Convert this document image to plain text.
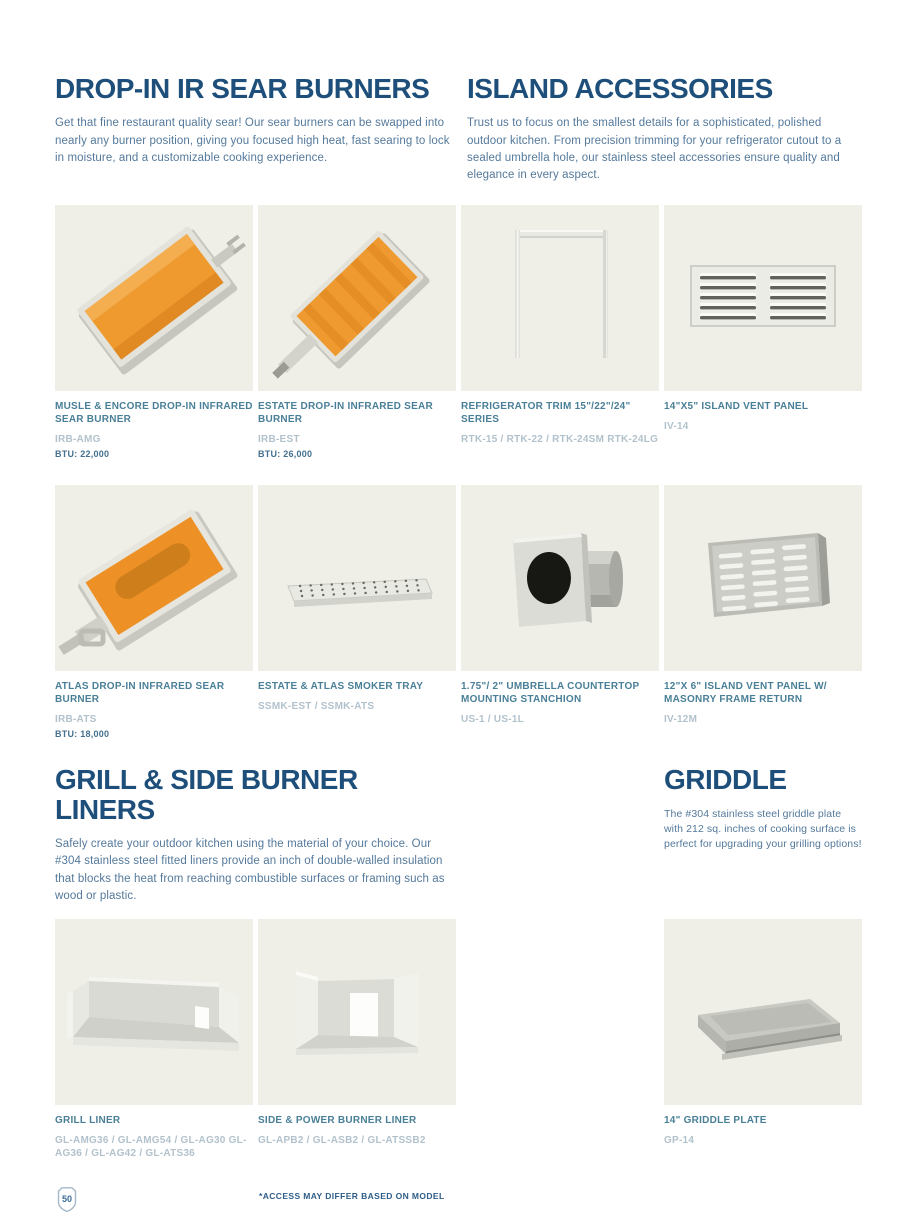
DROP-IN IR SEAR BURNERS
Get that fine restaurant quality sear! Our sear burners can be swapped into nearly any burner position, giving you focused high heat, fast searing to lock in moisture, and a customizable cooking experience.
ISLAND ACCESSORIES
Trust us to focus on the smallest details for a sophisticated, polished outdoor kitchen. From precision trimming for your refrigerator cutout to a sealed umbrella hole, our stainless steel accessories ensure quality and elegance in every aspect.
MUSLE & ENCORE DROP-IN INFRARED SEAR BURNER
IRB-AMG
BTU: 22,000
ESTATE DROP-IN INFRARED SEAR BURNER
IRB-EST
BTU: 26,000
REFRIGERATOR TRIM 15"/22"/24" SERIES
RTK-15 / RTK-22 / RTK-24SM RTK-24LG
14"X5" ISLAND VENT PANEL
IV-14
ATLAS DROP-IN INFRARED SEAR BURNER
IRB-ATS
BTU: 18,000
ESTATE & ATLAS SMOKER TRAY
SSMK-EST / SSMK-ATS
1.75"/ 2" UMBRELLA COUNTERTOP MOUNTING STANCHION
US-1 / US-1L
12"X 6" ISLAND VENT PANEL W/ MASONRY FRAME RETURN
IV-12M
GRILL & SIDE BURNER LINERS
Safely create your outdoor kitchen using the material of your choice. Our #304 stainless steel fitted liners provide an inch of double-walled insulation that blocks the heat from reaching combustible surfaces or framing such as wood or plastic.
GRIDDLE
The #304 stainless steel griddle plate with 212 sq. inches of cooking surface is perfect for upgrading your grilling options!
GRILL LINER
GL-AMG36 / GL-AMG54 / GL-AG30 GL-AG36 / GL-AG42 / GL-ATS36
SIDE & POWER BURNER LINER
GL-APB2 / GL-ASB2 / GL-ATSSB2
14" GRIDDLE PLATE
GP-14
50	*ACCESS MAY DIFFER BASED ON MODEL
